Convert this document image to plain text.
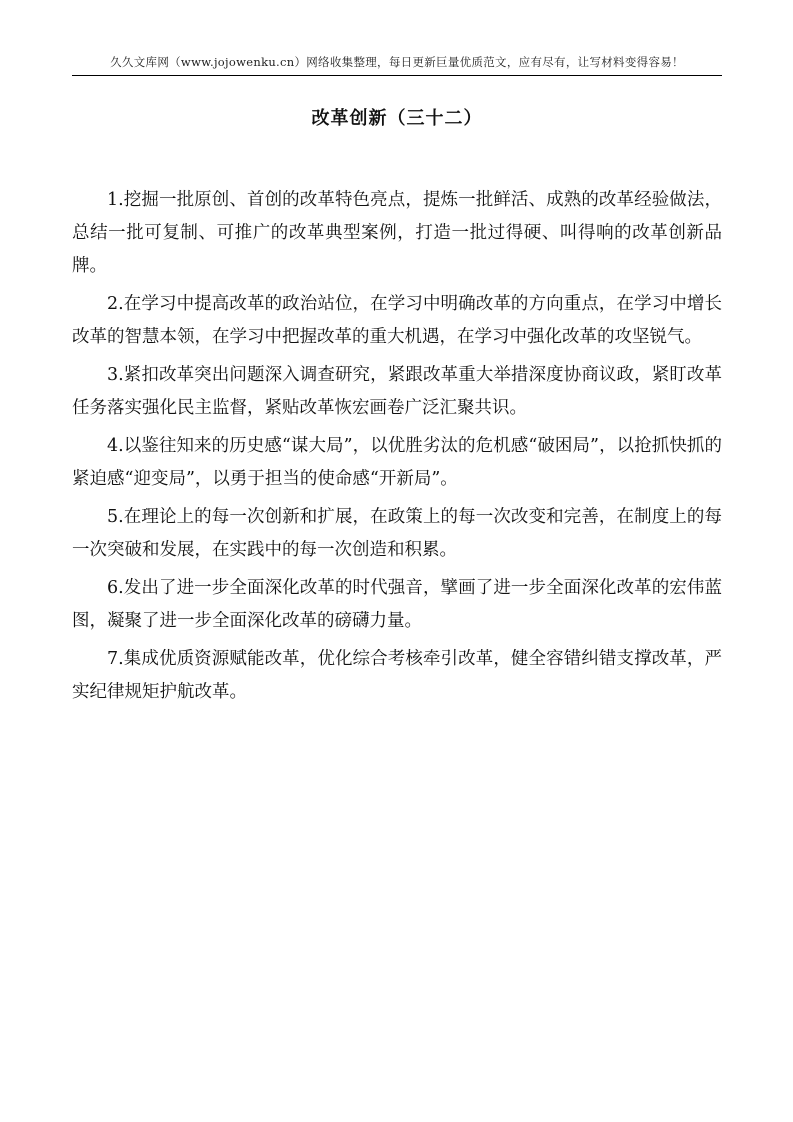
久久文库网（www.jojowenku.cn）网络收集整理，每日更新巨量优质范文，应有尽有，让写材料变得容易！
改革创新（三十二）

1.挖掘一批原创、首创的改革特色亮点，提炼一批鲜活、成熟的改革经验做法，总结一批可复制、可推广的改革典型案例，打造一批过得硬、叫得响的改革创新品牌。

2.在学习中提高改革的政治站位，在学习中明确改革的方向重点，在学习中增长改革的智慧本领，在学习中把握改革的重大机遇，在学习中强化改革的攻坚锐气。

3.紧扣改革突出问题深入调查研究，紧跟改革重大举措深度协商议政，紧盯改革任务落实强化民主监督，紧贴改革恢宏画卷广泛汇聚共识。

4.以鉴往知来的历史感“谋大局”，以优胜劣汰的危机感“破困局”，以抢抓快抓的紧迫感“迎变局”，以勇于担当的使命感“开新局”。

5.在理论上的每一次创新和扩展，在政策上的每一次改变和完善，在制度上的每一次突破和发展，在实践中的每一次创造和积累。

6.发出了进一步全面深化改革的时代强音，擘画了进一步全面深化改革的宏伟蓝图，凝聚了进一步全面深化改革的磅礴力量。

7.集成优质资源赋能改革，优化综合考核牵引改革，健全容错纠错支撑改革，严实纪律规矩护航改革。
